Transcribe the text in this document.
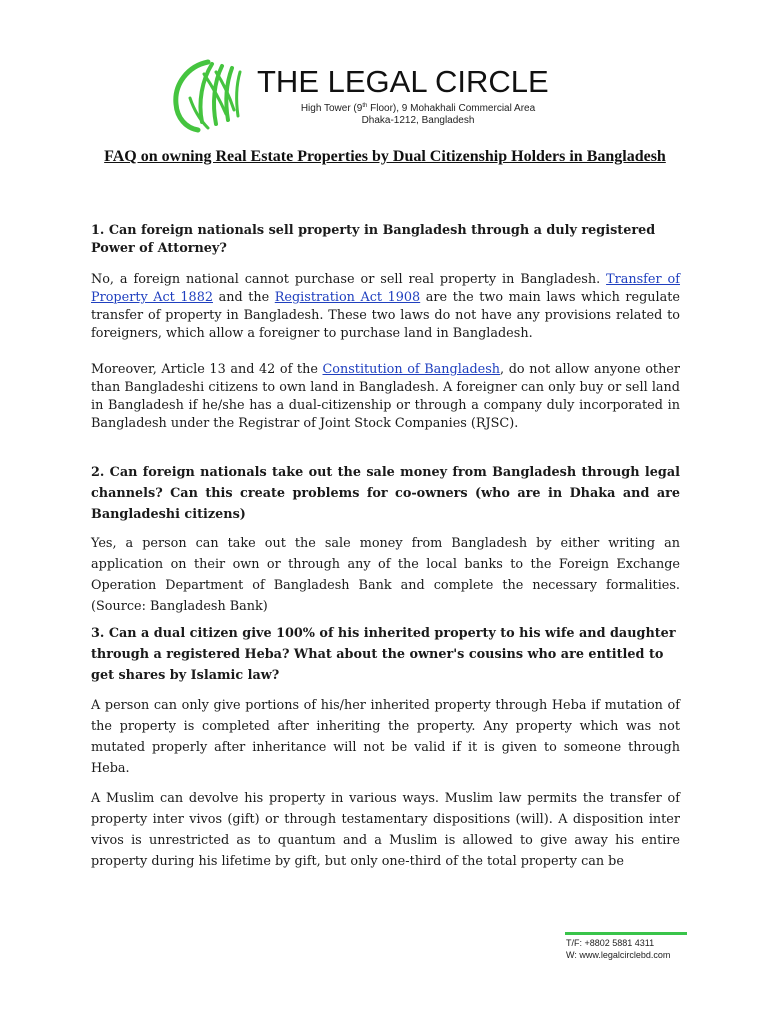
THE LEGAL CIRCLE
High Tower (9th Floor), 9 Mohakhali Commercial Area
Dhaka-1212, Bangladesh
FAQ on owning Real Estate Properties by Dual Citizenship Holders in Bangladesh

1. Can foreign nationals sell property in Bangladesh through a duly registered Power of Attorney?

No, a foreign national cannot purchase or sell real property in Bangladesh. Transfer of Property Act 1882 and the Registration Act 1908 are the two main laws which regulate transfer of property in Bangladesh. These two laws do not have any provisions related to foreigners, which allow a foreigner to purchase land in Bangladesh.

Moreover, Article 13 and 42 of the Constitution of Bangladesh, do not allow anyone other than Bangladeshi citizens to own land in Bangladesh. A foreigner can only buy or sell land in Bangladesh if he/she has a dual-citizenship or through a company duly incorporated in Bangladesh under the Registrar of Joint Stock Companies (RJSC).

2. Can foreign nationals take out the sale money from Bangladesh through legal channels? Can this create problems for co-owners (who are in Dhaka and are Bangladeshi citizens)

Yes, a person can take out the sale money from Bangladesh by either writing an application on their own or through any of the local banks to the Foreign Exchange Operation Department of Bangladesh Bank and complete the necessary formalities. (Source: Bangladesh Bank)

3. Can a dual citizen give 100% of his inherited property to his wife and daughter through a registered Heba? What about the owner's cousins who are entitled to get shares by Islamic law?

A person can only give portions of his/her inherited property through Heba if mutation of the property is completed after inheriting the property. Any property which was not mutated properly after inheritance will not be valid if it is given to someone through Heba.

A Muslim can devolve his property in various ways. Muslim law permits the transfer of property inter vivos (gift) or through testamentary dispositions (will). A disposition inter vivos is unrestricted as to quantum and a Muslim is allowed to give away his entire property during his lifetime by gift, but only one-third of the total property can be

T/F: +8802 5881 4311
W: www.legalcirclebd.com
